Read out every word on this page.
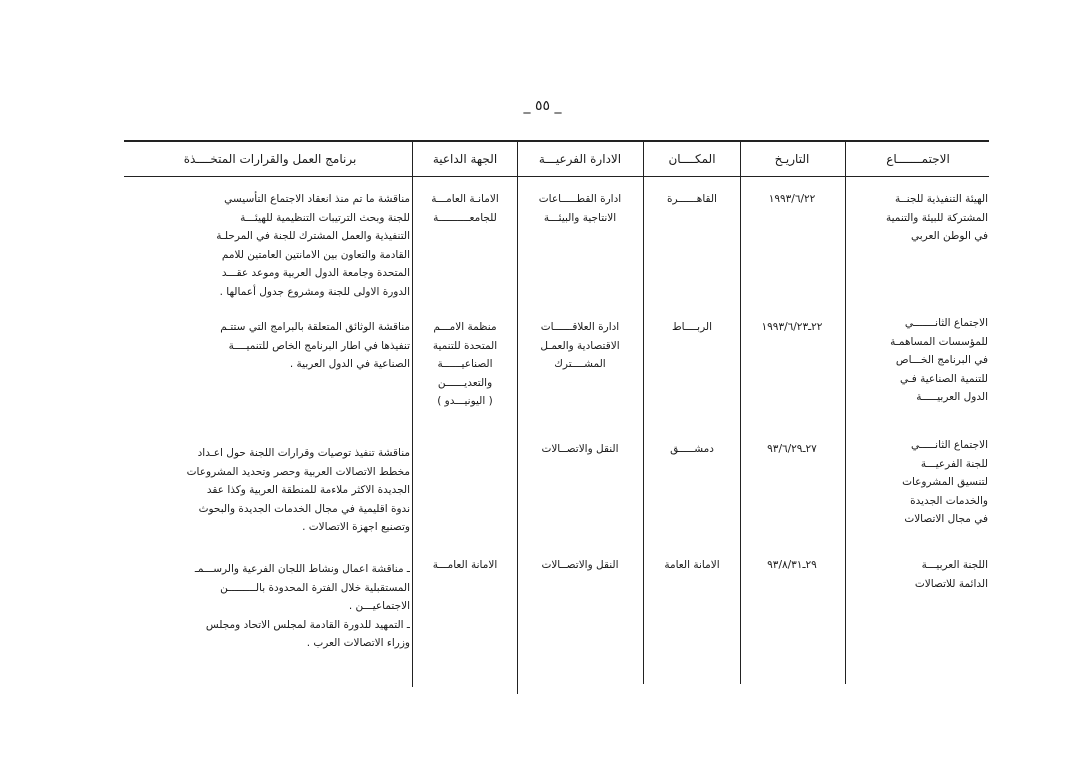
_ ٥٥ _
الاجتمـــــــاع
التاريـخ
المكــــان
الادارة الفرعيـــة
الجهة الداعية
برنامج العمل والقرارات المتخــــذة
الهيئة التنفيذية للجنــة
المشتركة للبيئة والتنمية
في الوطن العربي
١٩٩٣/٦/٢٢
القاهــــــرة
ادارة القطـــــاعات
الانتاجية والبيئـــة
الامانـة العامـــة
للجامعــــــــــة
مناقشة ما تم منذ انعقاد الاجتماع التأسيسي
للجنة وبحث الترتيبات التنظيمية للهيئـــة
التنفيذية والعمل المشترك للجنة في المرحلـة
القادمة والتعاون بين الامانتين العامتين للامم
المتحدة وجامعة الدول العربية وموعد عقـــد
الدورة الاولى للجنة ومشروع جدول أعمالها .
الاجتماع الثانـــــــي
للمؤسسات المساهمـة
في البرنامج الخـــاص
للتنمية الصناعية فـي
الدول العربيـــــة
٢٢ـ١٩٩٣/٦/٢٣
الربــــاط
ادارة العلاقــــــات
الاقتصادية والعمـل
المشــــترك
منظمة الامـــم
المتحدة للتنمية
الصناعيــــــة
والتعديــــــن
( اليونيـــدو )
مناقشة الوثائق المتعلقة بالبرامج التي ستتـم
تنفيذها في اطار البرنامج الخاص للتنميــــة
الصناعية في الدول العربية .
الاجتماع الثانـــــي
للجنة الفرعيـــة
لتنسيق المشروعات
والخدمات الجديدة
في مجال الاتصالات
٢٧ـ٩٣/٦/٢٩
دمشـــــق
النقل والاتصــالات
مناقشة تنفيذ توصيات وقرارات اللجنة حول اعـداد
مخطط الاتصالات العربية وحصر وتحديد المشروعات
الجديدة الاكثر ملاءمة للمنطقة العربية وكذا عقد
ندوة اقليمية في مجال الخدمات الجديدة والبحوث
وتصنيع اجهزة الاتصالات .
اللجنة العربيـــة
الدائمة للاتصالات
٢٩ـ٩٣/٨/٣١
الامانة العامة
النقل والاتصــالات
الامانة العامـــة
ـ مناقشة اعمال ونشاط اللجان الفرعية والرســـمـ
المستقبلية خلال الفترة المحدودة بالـــــــــن
الاجتماعيـــن .
ـ التمهيد للدورة القادمة لمجلس الاتحاد ومجلس
وزراء الاتصالات العرب .
